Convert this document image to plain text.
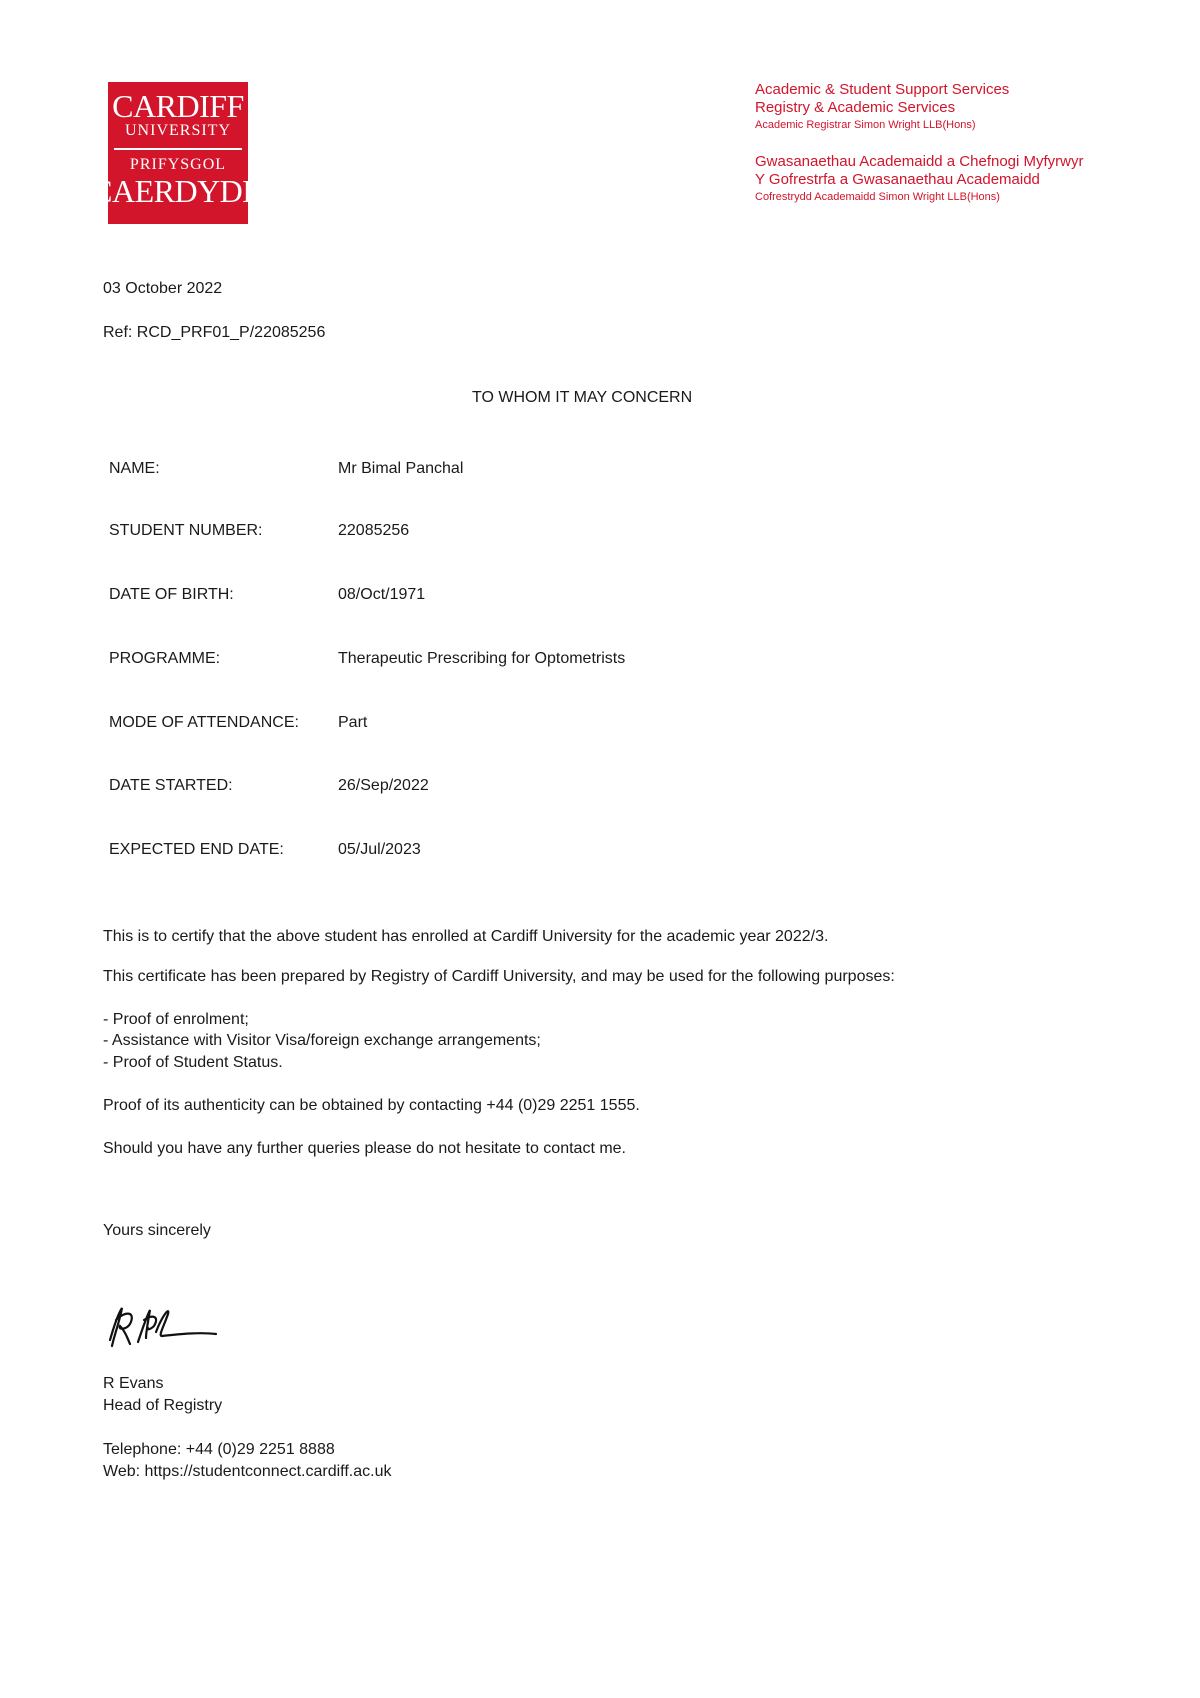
CARDIFF
UNIVERSITY
PRIFYSGOL
CAERDYDD
Academic & Student Support Services
Registry & Academic Services
Academic Registrar Simon Wright LLB(Hons)
Gwasanaethau Academaidd a Chefnogi Myfyrwyr
Y Gofrestrfa a Gwasanaethau Academaidd
Cofrestrydd Academaidd Simon Wright LLB(Hons)
03 October 2022
Ref: RCD_PRF01_P/22085256
TO WHOM IT MAY CONCERN
NAME:	Mr Bimal Panchal
STUDENT NUMBER:	22085256
DATE OF BIRTH:	08/Oct/1971
PROGRAMME:	Therapeutic Prescribing for Optometrists
MODE OF ATTENDANCE: Part
DATE STARTED:	26/Sep/2022
EXPECTED END DATE:	05/Jul/2023
This is to certify that the above student has enrolled at Cardiff University for the academic year 2022/3.
This certificate has been prepared by Registry of Cardiff University, and may be used for the following purposes:
- Proof of enrolment;
- Assistance with Visitor Visa/foreign exchange arrangements;
- Proof of Student Status.
Proof of its authenticity can be obtained by contacting +44 (0)29 2251 1555.
Should you have any further queries please do not hesitate to contact me.
Yours sincerely
R Evans
Head of Registry
Telephone: +44 (0)29 2251 8888
Web: https://studentconnect.cardiff.ac.uk
